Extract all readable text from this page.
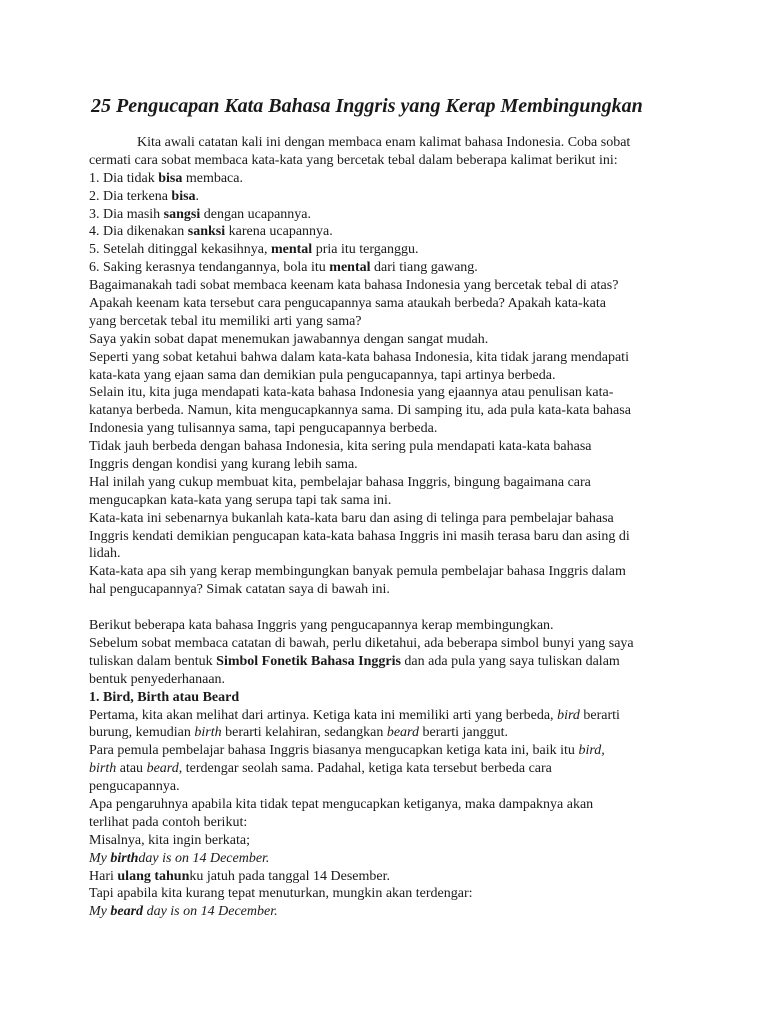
25 Pengucapan Kata Bahasa Inggris yang Kerap Membingungkan
Kita awali catatan kali ini dengan membaca enam kalimat bahasa Indonesia. Coba sobat
cermati cara sobat membaca kata-kata yang bercetak tebal dalam beberapa kalimat berikut ini:
1. Dia tidak bisa membaca.
2. Dia terkena bisa.
3. Dia masih sangsi dengan ucapannya.
4. Dia dikenakan sanksi karena ucapannya.
5. Setelah ditinggal kekasihnya, mental pria itu terganggu.
6. Saking kerasnya tendangannya, bola itu mental dari tiang gawang.
Bagaimanakah tadi sobat membaca keenam kata bahasa Indonesia yang bercetak tebal di atas?
Apakah keenam kata tersebut cara pengucapannya sama ataukah berbeda? Apakah kata-kata
yang bercetak tebal itu memiliki arti yang sama?
Saya yakin sobat dapat menemukan jawabannya dengan sangat mudah.
Seperti yang sobat ketahui bahwa dalam kata-kata bahasa Indonesia, kita tidak jarang mendapati
kata-kata yang ejaan sama dan demikian pula pengucapannya, tapi artinya berbeda.
Selain itu, kita juga mendapati kata-kata bahasa Indonesia yang ejaannya atau penulisan kata-
katanya berbeda. Namun, kita mengucapkannya sama. Di samping itu, ada pula kata-kata bahasa
Indonesia yang tulisannya sama, tapi pengucapannya berbeda.
Tidak jauh berbeda dengan bahasa Indonesia, kita sering pula mendapati kata-kata bahasa
Inggris dengan kondisi yang kurang lebih sama.
Hal inilah yang cukup membuat kita, pembelajar bahasa Inggris, bingung bagaimana cara
mengucapkan kata-kata yang serupa tapi tak sama ini.
Kata-kata ini sebenarnya bukanlah kata-kata baru dan asing di telinga para pembelajar bahasa
Inggris kendati demikian pengucapan kata-kata bahasa Inggris ini masih terasa baru dan asing di
lidah.
Kata-kata apa sih yang kerap membingungkan banyak pemula pembelajar bahasa Inggris dalam
hal pengucapannya? Simak catatan saya di bawah ini.
Berikut beberapa kata bahasa Inggris yang pengucapannya kerap membingungkan.
Sebelum sobat membaca catatan di bawah, perlu diketahui, ada beberapa simbol bunyi yang saya
tuliskan dalam bentuk Simbol Fonetik Bahasa Inggris dan ada pula yang saya tuliskan dalam
bentuk penyederhanaan.
1. Bird, Birth atau Beard
Pertama, kita akan melihat dari artinya. Ketiga kata ini memiliki arti yang berbeda, bird berarti
burung, kemudian birth berarti kelahiran, sedangkan beard berarti janggut.
Para pemula pembelajar bahasa Inggris biasanya mengucapkan ketiga kata ini, baik itu bird,
birth atau beard, terdengar seolah sama. Padahal, ketiga kata tersebut berbeda cara
pengucapannya.
Apa pengaruhnya apabila kita tidak tepat mengucapkan ketiganya, maka dampaknya akan
terlihat pada contoh berikut:
Misalnya, kita ingin berkata;
My birthday is on 14 December.
Hari ulang tahunku jatuh pada tanggal 14 Desember.
Tapi apabila kita kurang tepat menuturkan, mungkin akan terdengar:
My beard day is on 14 December.
